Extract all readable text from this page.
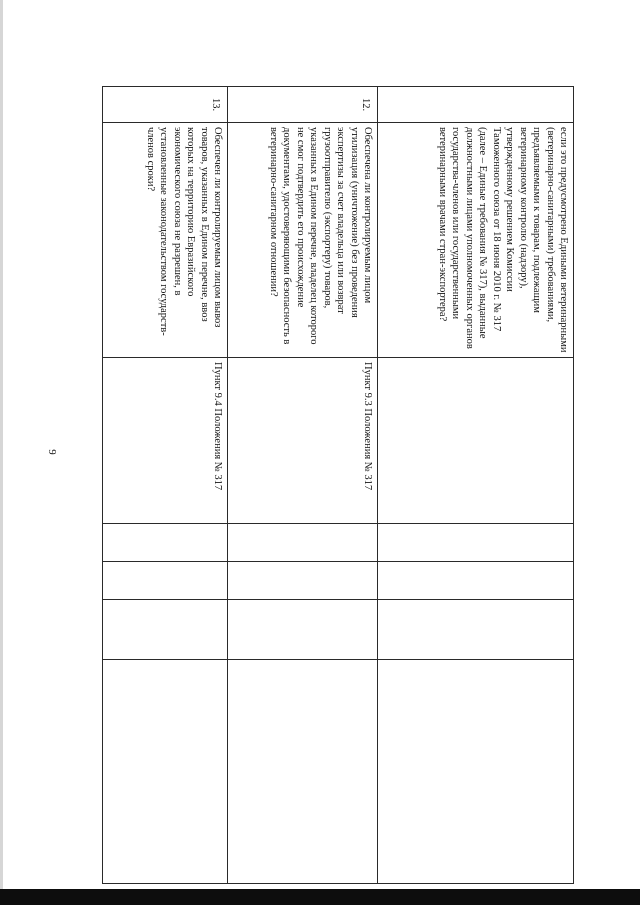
9

	если это предусмотрено Едиными ветеринарными (ветеринарно-санитарными) требованиями, предъявляемыми к товарам, подлежащим ветеринарному контролю (надзору), утвержденному решением Комиссии Таможенного союза от 18 июня 2010 г. № 317 (далее – Единые требования № 317), выданные должностными лицами уполномоченных органов государства-членов или государственными ветеринарными врачами стран-экспортера?					

12.	Обеспечена ли контролируемым лицом утилизация (уничтожение) без проведения экспертизы за счет владельца или возврат грузоотправителю (экспортеру) товаров, указанных в Едином перечне, владелец которого не смог подтвердить его происхождение документами, удостоверяющими безопасность в ветеринарно-санитарном отношении?	Пункт 9.3 Положения № 317				

13.	Обеспечен ли контролируемым лицом вывоз товаров, указанных в Едином перечне, ввоз которых на территорию Евразийского экономического союза не разрешен, в установленные законодательством государств-членов сроки?	Пункт 9.4 Положения № 317				
